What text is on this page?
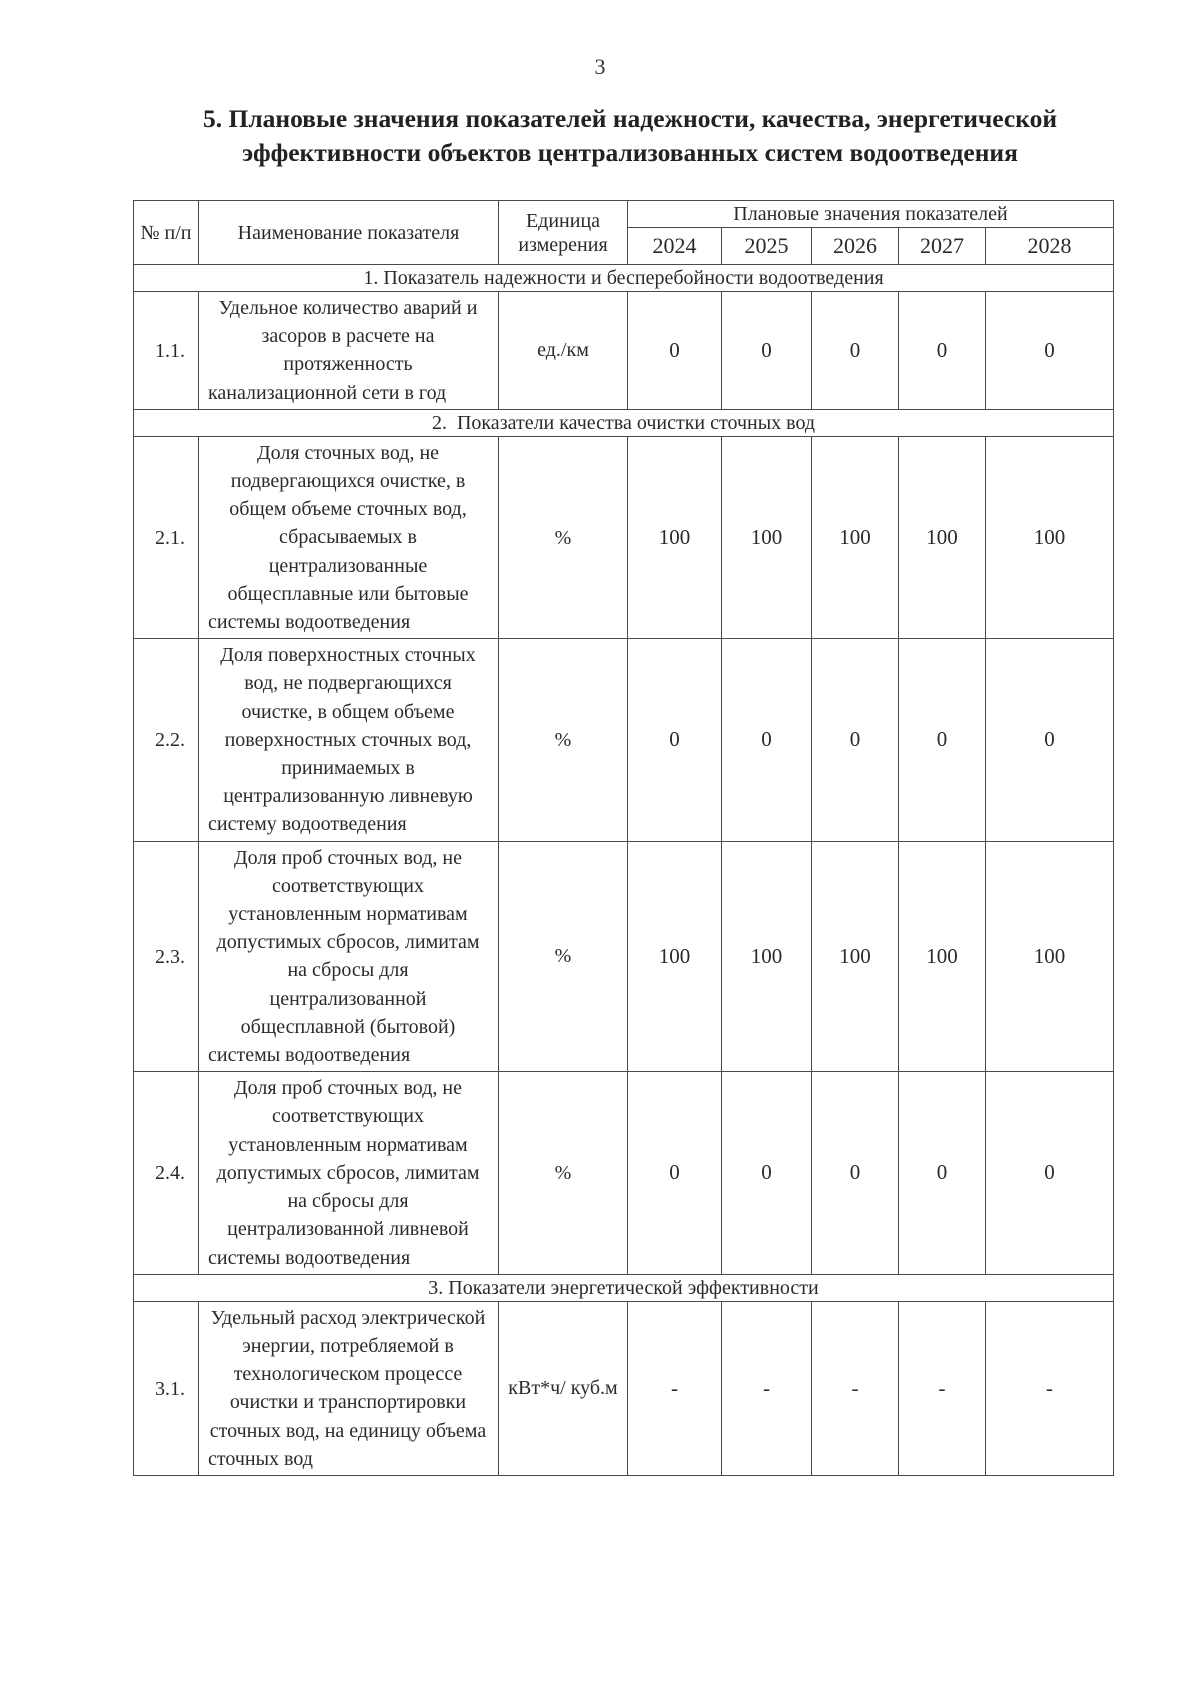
3
5. Плановые значения показателей надежности, качества, энергетической
эффективности объектов централизованных систем водоотведения
№ п/п	Наименование показателя	Единица измерения	Плановые значения показателей				
			2024	2025	2026	2027	2028
1. Показатель надежности и бесперебойности водоотведения							
1.1.	Удельное количество аварий и засоров в расчете на протяженность канализационной сети в год	ед./км	0	0	0	0	0
2.  Показатели качества очистки сточных вод							
2.1.	Доля сточных вод, не подвергающихся очистке, в общем объеме сточных вод, сбрасываемых в централизованные общесплавные или бытовые системы водоотведения	%	100	100	100	100	100
2.2.	Доля поверхностных сточных вод, не подвергающихся очистке, в общем объеме поверхностных сточных вод, принимаемых в централизованную ливневую систему водоотведения	%	0	0	0	0	0
2.3.	Доля проб сточных вод, не соответствующих установленным нормативам допустимых сбросов, лимитам на сбросы для централизованной общесплавной (бытовой) системы водоотведения	%	100	100	100	100	100
2.4.	Доля проб сточных вод, не соответствующих установленным нормативам допустимых сбросов, лимитам на сбросы для централизованной ливневой системы водоотведения	%	0	0	0	0	0
3. Показатели энергетической эффективности							
3.1.	Удельный расход электрической энергии, потребляемой в технологическом процессе очистки и транспортировки сточных вод, на единицу объема сточных вод	кВт*ч/ куб.м	-	-	-	-	-
